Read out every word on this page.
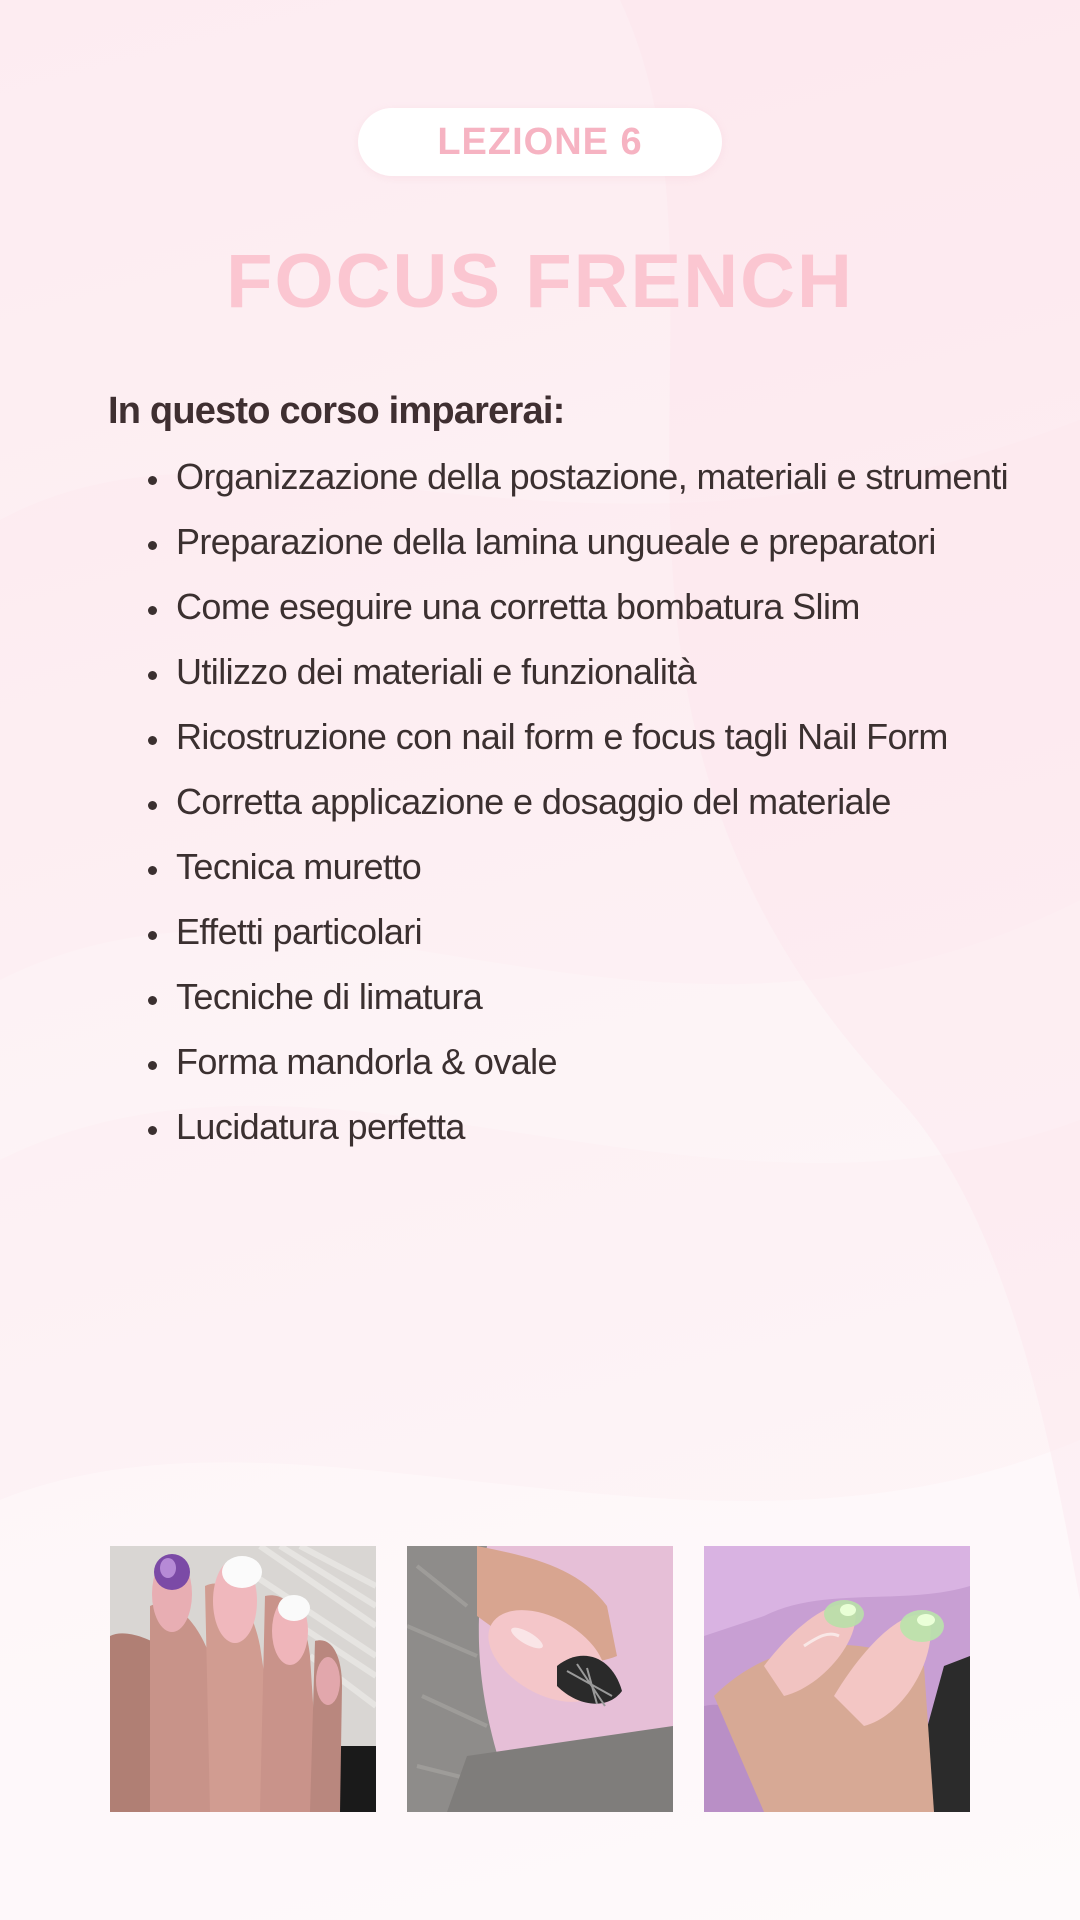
LEZIONE 6
FOCUS FRENCH
In questo corso imparerai:
• Organizzazione della postazione, materiali e strumenti
• Preparazione della lamina ungueale e preparatori
• Come eseguire una corretta bombatura Slim
• Utilizzo dei materiali e funzionalità
• Ricostruzione con nail form e focus tagli Nail Form
• Corretta applicazione e dosaggio del materiale
• Tecnica muretto
• Effetti particolari
• Tecniche di limatura
• Forma mandorla & ovale
• Lucidatura perfetta
